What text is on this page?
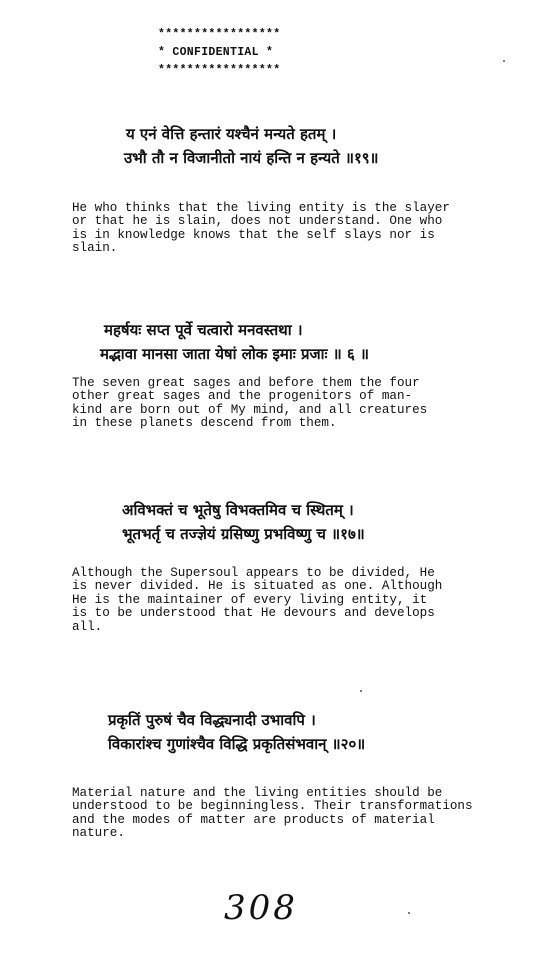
*****************
* CONFIDENTIAL *
*****************
य एनं वेत्ति हन्तारं यश्चैनं मन्यते हतम् ।
उभौ तौ न विजानीतो नायं हन्ति न हन्यते ॥१९॥
He who thinks that the living entity is the slayer
or that he is slain, does not understand. One who
is in knowledge knows that the self slays nor is
slain.
महर्षयः सप्त पूर्वे चत्वारो मनवस्तथा ।
मद्भावा मानसा जाता येषां लोक इमाः प्रजाः ॥ ६ ॥
The seven great sages and before them the four
other great sages and the progenitors of man-
kind are born out of My mind, and all creatures
in these planets descend from them.
अविभक्तं च भूतेषु विभक्तमिव च स्थितम् ।
भूतभर्तृ च तज्ज्ञेयं ग्रसिष्णु प्रभविष्णु च ॥१७॥
Although the Supersoul appears to be divided, He
is never divided. He is situated as one. Although
He is the maintainer of every living entity, it
is to be understood that He devours and develops
all.
प्रकृतिं पुरुषं चैव विद्ध्यनादी उभावपि ।
विकारांश्च गुणांश्चैव विद्धि प्रकृतिसंभवान् ॥२०॥
Material nature and the living entities should be
understood to be beginningless. Their transformations
and the modes of matter are products of material
nature.
308
